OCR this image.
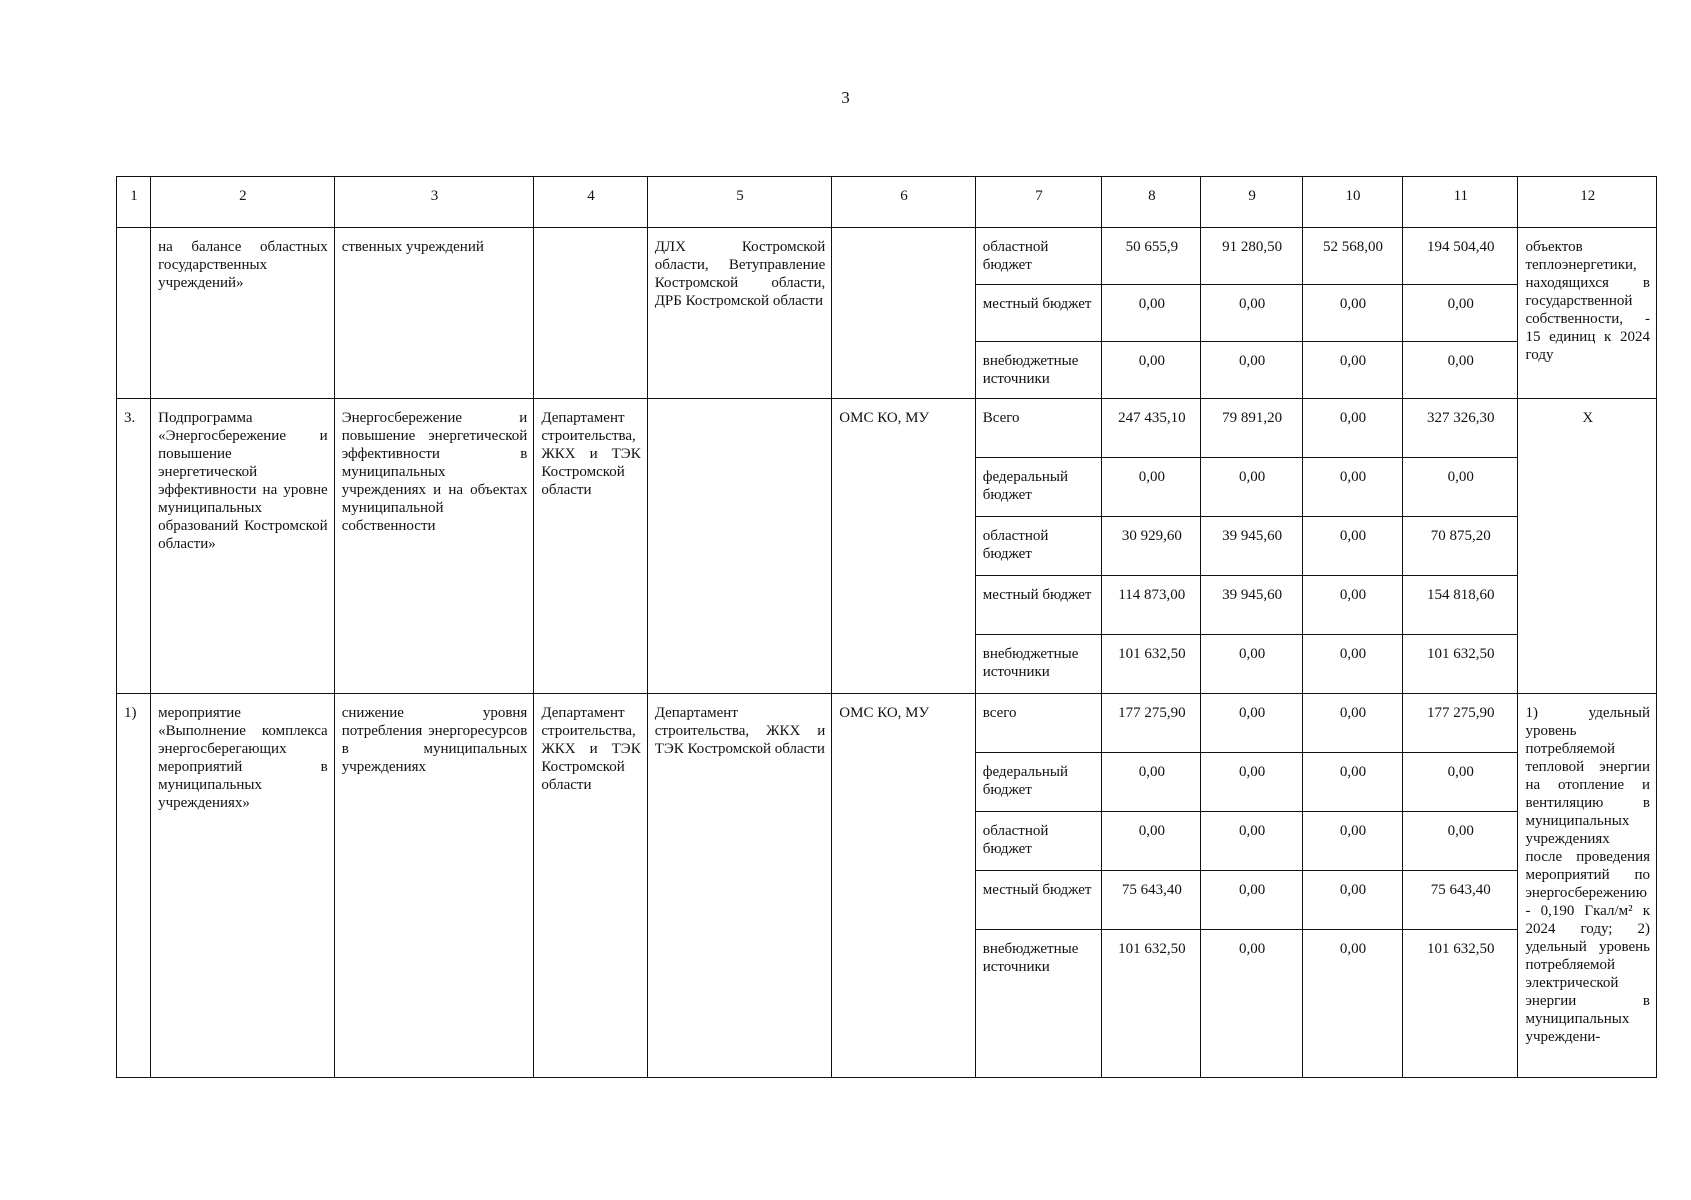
3
1	2	3	4	5	6	7	8	9	10	11	12

	на балансе областных государственных учреждений»	ственных учреждений		ДЛХ Костромской области, Ветуправление Костромской области, ДРБ Костромской области		областной бюджет	50 655,9	91 280,50	52 568,00	194 504,40	объектов теплоэнергетики, находящихся в государственной собственности, - 15 единиц к 2024 году

						местный бюджет	0,00	0,00	0,00	0,00	

						внебюджетные источники	0,00	0,00	0,00	0,00	
3.	Подпрограмма «Энергосбережение и повышение энергетической эффективности на уровне муниципальных образований Костромской области»	Энергосбережение и повышение энергетической эффективности в муниципальных учреждениях и на объектах муниципальной собственности	Департамент строительства, ЖКХ и ТЭК Костромской области		ОМС КО, МУ	Всего	247 435,10	79 891,20	0,00	327 326,30	X

						федеральный бюджет	0,00	0,00	0,00	0,00	

						областной бюджет	30 929,60	39 945,60	0,00	70 875,20	

						местный бюджет	114 873,00	39 945,60	0,00	154 818,60	

						внебюджетные источники	101 632,50	0,00	0,00	101 632,50	
1)	мероприятие «Выполнение комплекса энергосберегающих мероприятий в муниципальных учреждениях»	снижение уровня потребления энергоресурсов в муниципальных учреждениях	Департамент строительства, ЖКХ и ТЭК Костромской области	Департамент строительства, ЖКХ и ТЭК Костромской области	ОМС КО, МУ	всего	177 275,90	0,00	0,00	177 275,90	1) удельный уровень потребляемой тепловой энергии на отопление и вентиляцию в муниципальных учреждениях после проведения мероприятий по энергосбережению - 0,190 Гкал/м² к 2024 году; 2) удельный уровень потребляемой электрической энергии в муниципальных учреждени-

						федеральный бюджет	0,00	0,00	0,00	0,00	

						областной бюджет	0,00	0,00	0,00	0,00	

						местный бюджет	75 643,40	0,00	0,00	75 643,40	

						внебюджетные источники	101 632,50	0,00	0,00	101 632,50	
